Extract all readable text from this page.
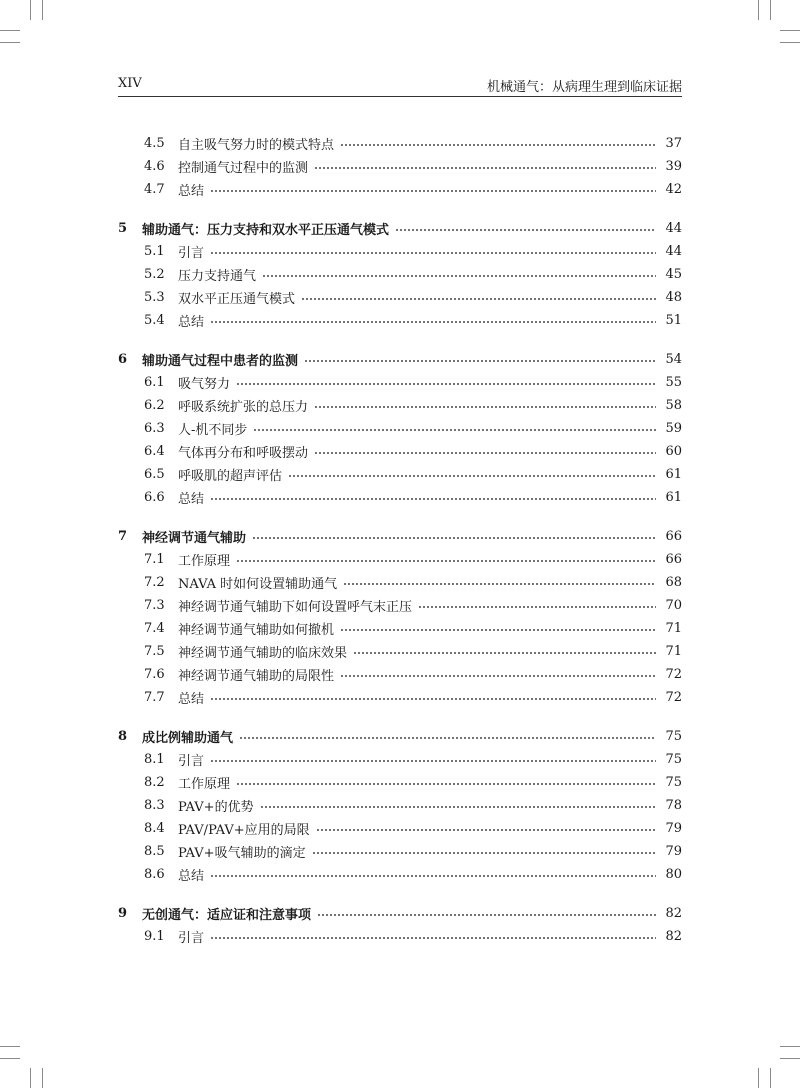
XIV	机械通气：从病理生理到临床证据
4.5	自主吸气努力时的模式特点	37
4.6	控制通气过程中的监测	39
4.7	总结	42
5	辅助通气：压力支持和双水平正压通气模式	44
5.1	引言	44
5.2	压力支持通气	45
5.3	双水平正压通气模式	48
5.4	总结	51
6	辅助通气过程中患者的监测	54
6.1	吸气努力	55
6.2	呼吸系统扩张的总压力	58
6.3	人-机不同步	59
6.4	气体再分布和呼吸摆动	60
6.5	呼吸肌的超声评估	61
6.6	总结	61
7	神经调节通气辅助	66
7.1	工作原理	66
7.2	NAVA 时如何设置辅助通气	68
7.3	神经调节通气辅助下如何设置呼气末正压	70
7.4	神经调节通气辅助如何撤机	71
7.5	神经调节通气辅助的临床效果	71
7.6	神经调节通气辅助的局限性	72
7.7	总结	72
8	成比例辅助通气	75
8.1	引言	75
8.2	工作原理	75
8.3	PAV+的优势	78
8.4	PAV/PAV+应用的局限	79
8.5	PAV+吸气辅助的滴定	79
8.6	总结	80
9	无创通气：适应证和注意事项	82
9.1	引言	82
